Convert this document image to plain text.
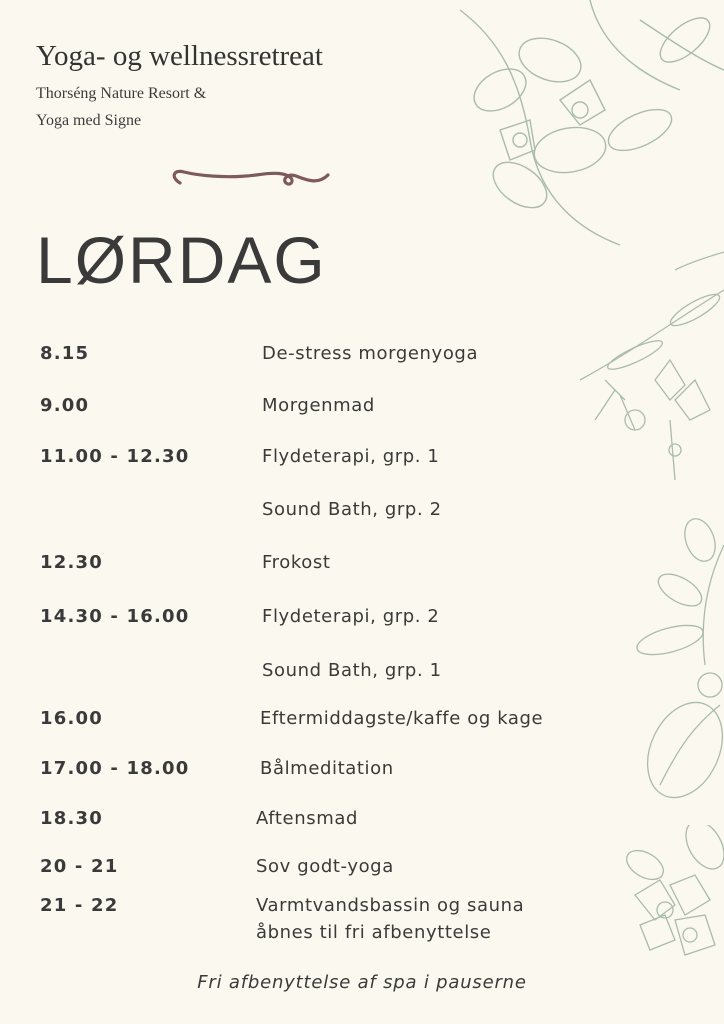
Yoga- og wellnessretreat
Thorséng Nature Resort &
Yoga med Signe
LØRDAG
8.15	De-stress morgenyoga
9.00	Morgenmad
11.00 - 12.30	Flydeterapi, grp. 1
Sound Bath, grp. 2
12.30	Frokost
14.30 - 16.00	Flydeterapi, grp. 2
Sound Bath, grp. 1
16.00	Eftermiddagste/kaffe og kage
17.00 - 18.00	Bålmeditation
18.30	Aftensmad
20 - 21	Sov godt-yoga
21 - 22	Varmtvandsbassin og sauna
åbnes til fri afbenyttelse
Fri afbenyttelse af spa i pauserne
